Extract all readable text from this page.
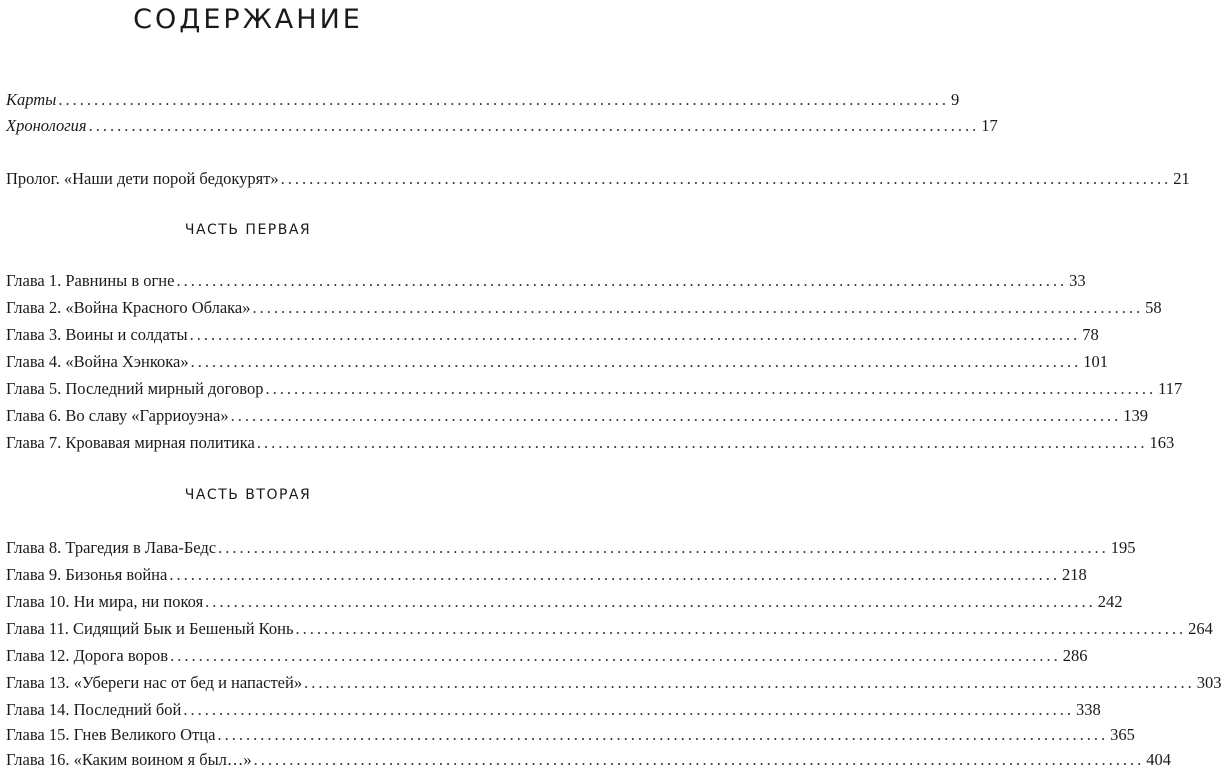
СОДЕРЖАНИЕ
Карты ............................................................................................................................. 9
Хронология ............................................................................................................................. 17
Пролог. «Наши дети порой бедокурят» ............................................................................................................................. 21
ЧАСТЬ ПЕРВАЯ
Глава 1. Равнины в огне ............................................................................................................................. 33
Глава 2. «Война Красного Облака» ............................................................................................................................. 58
Глава 3. Воины и солдаты ............................................................................................................................. 78
Глава 4. «Война Хэнкока» ............................................................................................................................. 101
Глава 5. Последний мирный договор ............................................................................................................................. 117
Глава 6. Во славу «Гарриоуэна» ............................................................................................................................. 139
Глава 7. Кровавая мирная политика ............................................................................................................................. 163
ЧАСТЬ ВТОРАЯ
Глава 8. Трагедия в Лава-Бедс ............................................................................................................................. 195
Глава 9. Бизонья война ............................................................................................................................. 218
Глава 10. Ни мира, ни покоя ............................................................................................................................. 242
Глава 11. Сидящий Бык и Бешеный Конь ............................................................................................................................. 264
Глава 12. Дорога воров ............................................................................................................................. 286
Глава 13. «Убереги нас от бед и напастей» ............................................................................................................................. 303
Глава 14. Последний бой ............................................................................................................................. 338
Глава 15. Гнев Великого Отца ............................................................................................................................. 365
Глава 16. «Каким воином я был…» ............................................................................................................................. 404
